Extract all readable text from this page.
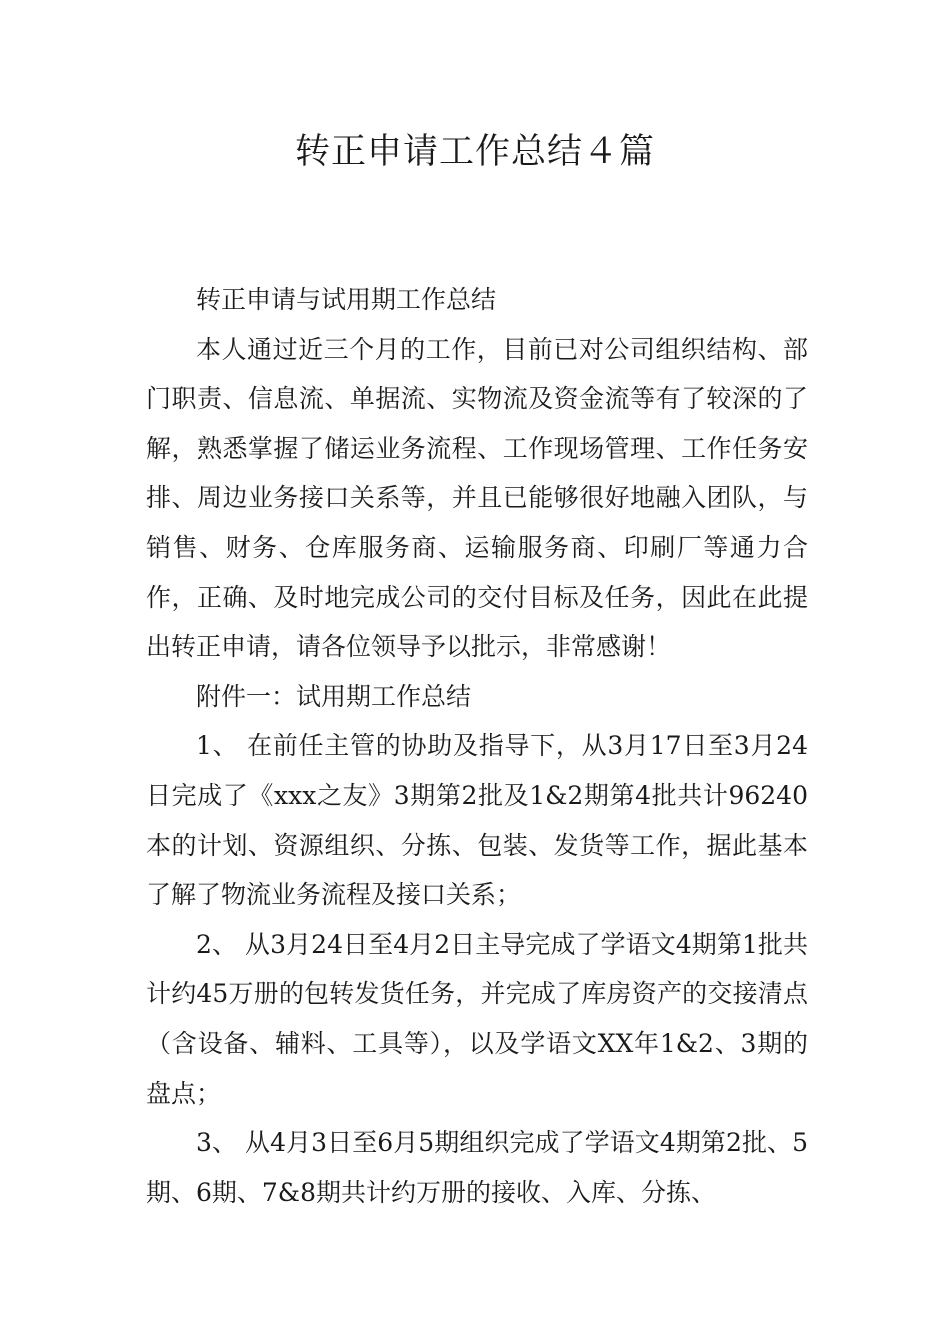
转正申请工作总结４篇

转正申请与试用期工作总结

本人通过近三个月的工作，目前已对公司组织结构、部门职责、信息流、单据流、实物流及资金流等有了较深的了解，熟悉掌握了储运业务流程、工作现场管理、工作任务安排、周边业务接口关系等，并且已能够很好地融入团队，与销售、财务、仓库服务商、运输服务商、印刷厂等通力合作，正确、及时地完成公司的交付目标及任务，因此在此提出转正申请，请各位领导予以批示，非常感谢！

附件一：试用期工作总结

1、 在前任主管的协助及指导下，从3月17日至3月24日完成了《xxx之友》3期第2批及1&2期第4批共计96240本的计划、资源组织、分拣、包装、发货等工作，据此基本了解了物流业务流程及接口关系；

2、 从3月24日至4月2日主导完成了学语文4期第1批共计约45万册的包转发货任务，并完成了库房资产的交接清点（含设备、辅料、工具等），以及学语文XX年1&2、3期的盘点；

3、 从4月3日至6月5期组织完成了学语文4期第2批、5期、6期、7&8期共计约万册的接收、入库、分拣、
